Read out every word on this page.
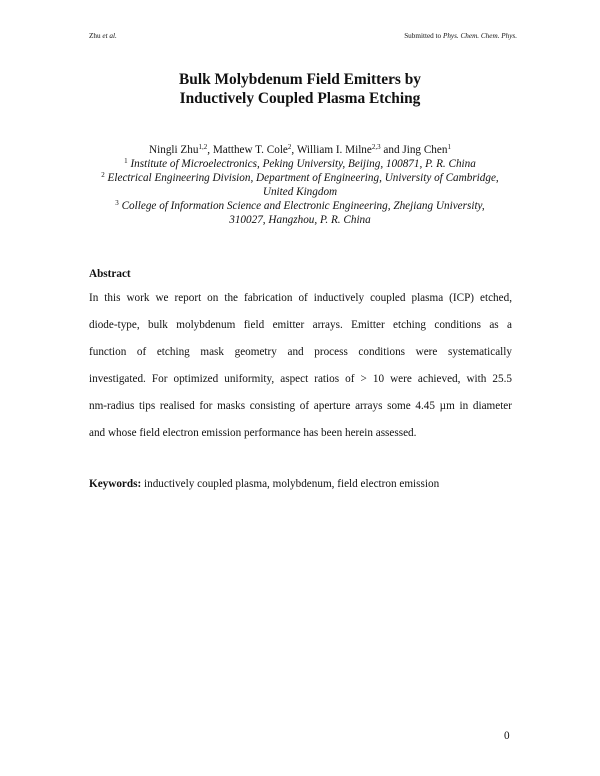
Zhu et al.	Submitted to Phys. Chem. Chem. Phys.
Bulk Molybdenum Field Emitters by
Inductively Coupled Plasma Etching
Ningli Zhu$^{1,2}$, Matthew T. Cole$^2$, William I. Milne$^{2,3}$ and Jing Chen$^1$
$^1$ Institute of Microelectronics, Peking University, Beijing, 100871, P. R. China
$^2$ Electrical Engineering Division, Department of Engineering, University of Cambridge,
United Kingdom
$^3$ College of Information Science and Electronic Engineering, Zhejiang University,
310027, Hangzhou, P. R. China
Abstract
In this work we report on the fabrication of inductively coupled plasma (ICP) etched,
diode-type, bulk molybdenum field emitter arrays. Emitter etching conditions as a
function of etching mask geometry and process conditions were systematically
investigated. For optimized uniformity, aspect ratios of > 10 were achieved, with 25.5
nm-radius tips realised for masks consisting of aperture arrays some 4.45 µm in diameter
and whose field electron emission performance has been herein assessed.
Keywords: inductively coupled plasma, molybdenum, field electron emission
0
